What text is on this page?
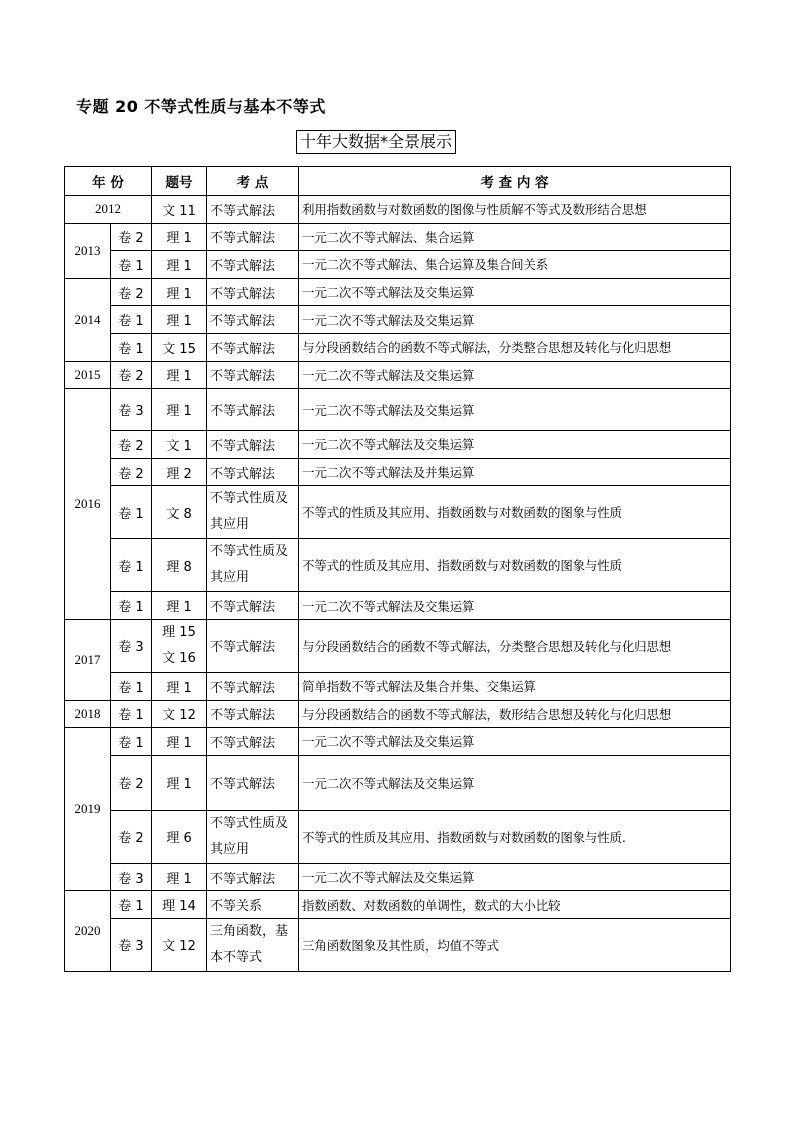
专题 20 不等式性质与基本不等式
十年大数据*全景展示
年 份		题号	考 点	考 查 内 容
2012		文 11	不等式解法	利用指数函数与对数函数的图像与性质解不等式及数形结合思想
2013	卷 2	理 1	不等式解法	一元二次不等式解法、集合运算
	卷 1	理 1	不等式解法	一元二次不等式解法、集合运算及集合间关系
2014	卷 2	理 1	不等式解法	一元二次不等式解法及交集运算
	卷 1	理 1	不等式解法	一元二次不等式解法及交集运算
	卷 1	文 15	不等式解法	与分段函数结合的函数不等式解法，分类整合思想及转化与化归思想
2015	卷 2	理 1	不等式解法	一元二次不等式解法及交集运算
2016	卷 3	理 1	不等式解法	一元二次不等式解法及交集运算
	卷 2	文 1	不等式解法	一元二次不等式解法及交集运算
	卷 2	理 2	不等式解法	一元二次不等式解法及并集运算
	卷 1	文 8	不等式性质及其应用	不等式的性质及其应用、指数函数与对数函数的图象与性质
	卷 1	理 8	不等式性质及其应用	不等式的性质及其应用、指数函数与对数函数的图象与性质
	卷 1	理 1	不等式解法	一元二次不等式解法及交集运算
2017	卷 3	理 15 文 16	不等式解法	与分段函数结合的函数不等式解法，分类整合思想及转化与化归思想
	卷 1	理 1	不等式解法	简单指数不等式解法及集合并集、交集运算
2018	卷 1	文 12	不等式解法	与分段函数结合的函数不等式解法，数形结合思想及转化与化归思想
2019	卷 1	理 1	不等式解法	一元二次不等式解法及交集运算
	卷 2	理 1	不等式解法	一元二次不等式解法及交集运算
	卷 2	理 6	不等式性质及其应用	不等式的性质及其应用、指数函数与对数函数的图象与性质.
	卷 3	理 1	不等式解法	一元二次不等式解法及交集运算
2020	卷 1	理 14	不等关系	指数函数、对数函数的单调性，数式的大小比较
	卷 3	文 12	三角函数，基本不等式	三角函数图象及其性质，均值不等式
